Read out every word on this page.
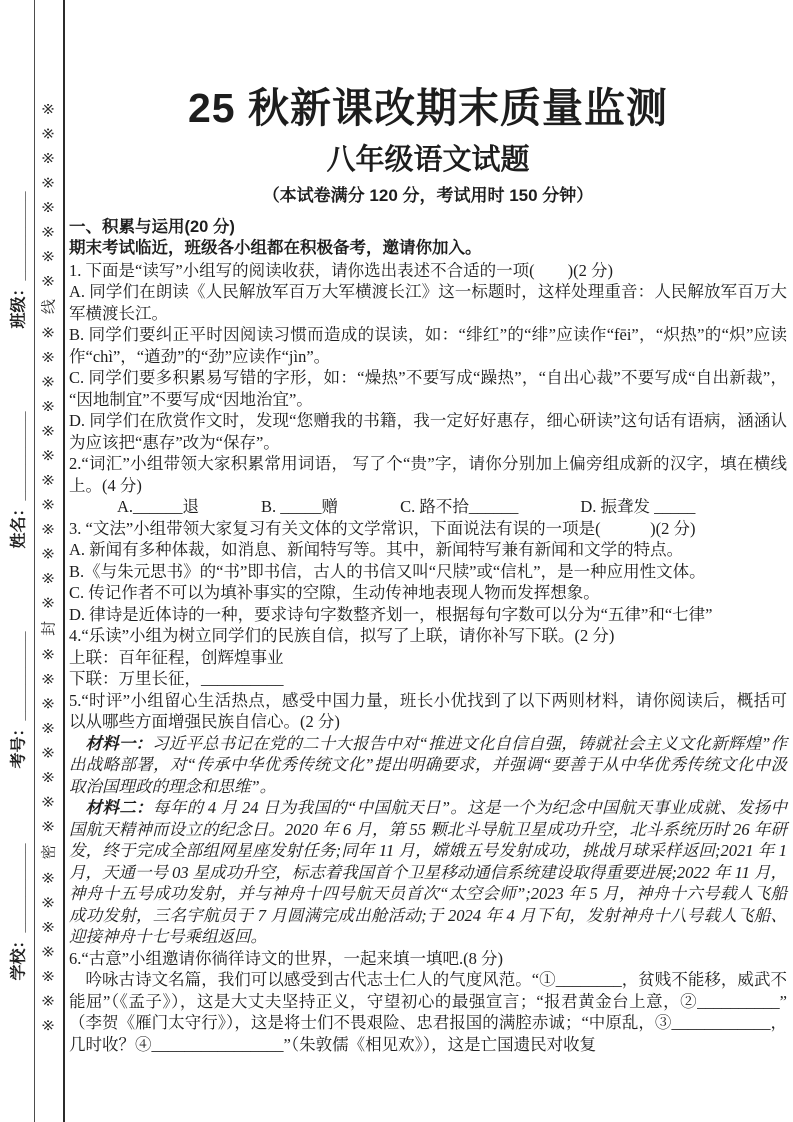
※※※※※※※密※※※※※※※※封※※※※※※※※※※※※线※※※※※※※※
班级：__________
姓名：__________
考号：__________
学校：__________
25 秋新课改期末质量监测
八年级语文试题

（本试卷满分 120 分，考试用时 150 分钟）

一、积累与运用(20 分)

期末考试临近，班级各小组都在积极备考，邀请你加入。

1. 下面是“读写”小组写的阅读收获，请你选出表述不合适的一项(　　)(2 分)

A. 同学们在朗读《人民解放军百万大军横渡长江》这一标题时，这样处理重音：人民解放军百万大军横渡长江。

B. 同学们要纠正平时因阅读习惯而造成的误读，如：“绯红”的“绯”应读作“fēi”，“炽热”的“炽”应读作“chì”，“遒劲”的“劲”应读作“jìn”。

C. 同学们要多积累易写错的字形，如：“燥热”不要写成“躁热”，“自出心裁”不要写成“自出新裁”，“因地制宜”不要写成“因地治宜”。

D. 同学们在欣赏作文时，发现“您赠我的书籍，我一定好好惠存，细心研读”这句话有语病，涵涵认为应该把“惠存”改为“保存”。

2.“词汇”小组带领大家积累常用词语， 写了个“贵”字，请你分别加上偏旁组成新的汉字，填在横线上。(4 分)

A.______退	B. _____赠	C. 路不拾______	D. 振聋发 _____

3. “文法”小组带领大家复习有关文体的文学常识，下面说法有误的一项是(　　　)(2 分)

A. 新闻有多种体裁，如消息、新闻特写等。其中，新闻特写兼有新闻和文学的特点。

B.《与朱元思书》的“书”即书信，古人的书信又叫“尺牍”或“信札”，是一种应用性文体。

C. 传记作者不可以为填补事实的空隙，生动传神地表现人物而发挥想象。

D. 律诗是近体诗的一种，要求诗句字数整齐划一，根据每句字数可以分为“五律”和“七律”

4.“乐读”小组为树立同学们的民族自信，拟写了上联，请你补写下联。(2 分)

上联：百年征程，创辉煌事业

下联：万里长征，__________

5.“时评”小组留心生活热点，感受中国力量，班长小优找到了以下两则材料，请你阅读后，概括可以从哪些方面增强民族自信心。(2 分)

材料一：习近平总书记在党的二十大报告中对“推进文化自信自强，铸就社会主义文化新辉煌”作出战略部署，对“传承中华优秀传统文化”提出明确要求，并强调“要善于从中华优秀传统文化中汲取治国理政的理念和思维”。

材料二：每年的 4 月 24 日为我国的“中国航天日”。这是一个为纪念中国航天事业成就、发扬中国航天精神而设立的纪念日。2020 年 6 月，第 55 颗北斗导航卫星成功升空，北斗系统历时 26 年研发，终于完成全部组网星座发射任务;同年 11 月，嫦娥五号发射成功，挑战月球采样返回;2021 年 1 月，天通一号 03 星成功升空，标志着我国首个卫星移动通信系统建设取得重要进展;2022 年 11 月，神舟十五号成功发射，并与神舟十四号航天员首次“太空会师”;2023 年 5 月，神舟十六号载人飞船成功发射，三名宇航员于 7 月圆满完成出舱活动;于 2024 年 4 月下旬，发射神舟十八号载人飞船、迎接神舟十七号乘组返回。

6.“古意”小组邀请你徜徉诗文的世界，一起来填一填吧.(8 分)

吟咏古诗文名篇，我们可以感受到古代志士仁人的气度风范。“①________，贫贱不能移，威武不能屈”（《孟子》），这是大丈夫坚持正义，守望初心的最强宣言；“报君黄金台上意，②__________”（李贺《雁门太守行》），这是将士们不畏艰险、忠君报国的满腔赤诚；“中原乱，③____________，几时收？④________________”（朱敦儒《相见欢》），这是亡国遗民对收复
